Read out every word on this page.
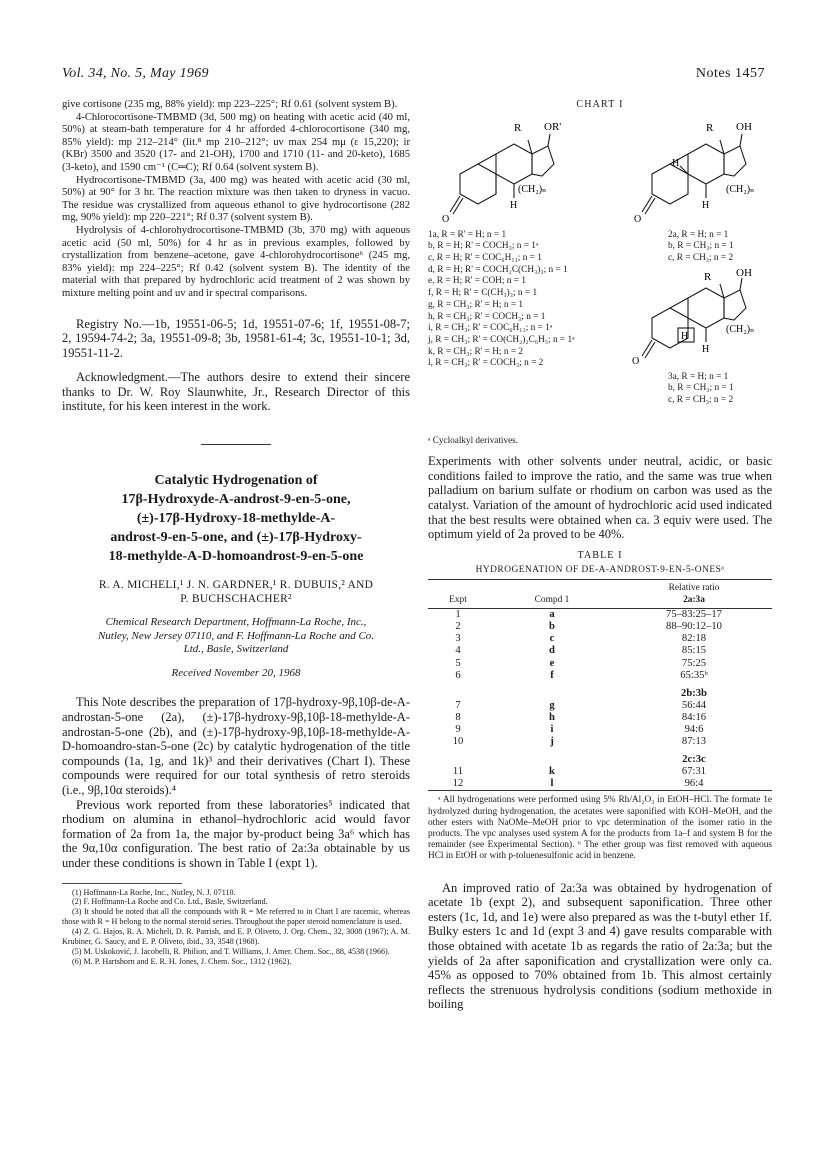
Vol. 34, No. 5, May 1969	Notes 1457

give cortisone (235 mg, 88% yield): mp 223–225°; Rf 0.61 (solvent system B).

4-Chlorocortisone-TMBMD (3d, 500 mg) on heating with acetic acid (40 ml, 50%) at steam-bath temperature for 4 hr afforded 4-chlorocortisone (340 mg, 85% yield): mp 212–214° (lit.⁸ mp 210–212°; uv max 254 mμ (ε 15,220); ir (KBr) 3500 and 3520 (17- and 21-OH), 1700 and 1710 (11- and 20-keto), 1685 (3-keto), and 1590 cm⁻¹ (C═C); Rf 0.64 (solvent system B).

Hydrocortisone-TMBMD (3a, 400 mg) was heated with acetic acid (30 ml, 50%) at 90° for 3 hr. The reaction mixture was then taken to dryness in vacuo. The residue was crystallized from aqueous ethanol to give hydrocortisone (282 mg, 90% yield): mp 220–221°; Rf 0.37 (solvent system B).

Hydrolysis of 4-chlorohydrocortisone-TMBMD (3b, 370 mg) with aqueous acetic acid (50 ml, 50%) for 4 hr as in previous examples, followed by crystallization from benzene–acetone, gave 4-chlorohydrocortisone⁶ (245 mg, 83% yield): mp 224–225°; Rf 0.42 (solvent system B). The identity of the material with that prepared by hydrochloric acid treatment of 2 was shown by mixture melting point and uv and ir spectral comparisons.

Registry No.—1b, 19551-06-5; 1d, 19551-07-6; 1f, 19551-08-7; 2, 19594-74-2; 3a, 19551-09-8; 3b, 19581-61-4; 3c, 19551-10-1; 3d, 19551-11-2.

Acknowledgment.—The authors desire to extend their sincere thanks to Dr. W. Roy Slaunwhite, Jr., Research Director of this institute, for his keen interest in the work.

Catalytic Hydrogenation of
17β-Hydroxyde-A-androst-9-en-5-one,
(±)-17β-Hydroxy-18-methylde-A-
androst-9-en-5-one, and (±)-17β-Hydroxy-
18-methylde-A-D-homoandrost-9-en-5-one
R. A. MICHELI,¹ J. N. GARDNER,¹ R. DUBUIS,² AND
P. BUCHSCHACHER²
Chemical Research Department, Hoffmann-La Roche, Inc.,
Nutley, New Jersey 07110, and F. Hoffmann-La Roche and Co.
Ltd., Basle, Switzerland
Received November 20, 1968

This Note describes the preparation of 17β-hydroxy-9β,10β-de-A-androstan-5-one (2a), (±)-17β-hydroxy-9β,10β-18-methylde-A-androstan-5-one (2b), and (±)-17β-hydroxy-9β,10β-18-methylde-A-D-homoandro-stan-5-one (2c) by catalytic hydrogenation of the title compounds (1a, 1g, and 1k)³ and their derivatives (Chart I). These compounds were required for our total synthesis of retro steroids (i.e., 9β,10α steroids).⁴

Previous work reported from these laboratories⁵ indicated that rhodium on alumina in ethanol–hydrochloric acid would favor formation of 2a from 1a, the major by-product being 3a⁶ which has the 9α,10α configuration. The best ratio of 2a:3a obtainable by us under these conditions is shown in Table I (expt 1).

(1) Hoffmann-La Roche, Inc., Nutley, N. J. 07110.

(2) F. Hoffmann-La Roche and Co. Ltd., Basle, Switzerland.

(3) It should be noted that all the compounds with R = Me referred to in Chart I are racemic, whereas those with R = H belong to the normal steroid series. Throughout the paper steroid nomenclature is used.

(4) Z. G. Hajos, R. A. Micheli, D. R. Parrish, and E. P. Oliveto, J. Org. Chem., 32, 3008 (1967); A. M. Krubiner, G. Saucy, and E. P. Oliveto, ibid., 33, 3548 (1968).

(5) M. Uskoković, J. Iacobelli, R. Philion, and T. Williams, J. Amer. Chem. Soc., 88, 4538 (1966).

(6) M. P. Hartshorn and E. R. H. Jones, J. Chem. Soc., 1312 (1962).

CHART I
R OR'
(CH₂)ₙ
H
O
R OH
(CH₂)ₙ
H
H
O
R OH
(CH₂)ₙ
H
H
O
1a, R = R' = H; n = 1
b, R = H; R' = COCH₃; n = 1ᵃ
c, R = H; R' = COC₆H₁₁; n = 1
d, R = H; R' = COCH₂C(CH₃)₃; n = 1
e, R = H; R' = COH; n = 1
f, R = H; R' = C(CH₃)₃; n = 1
g, R = CH₃; R' = H; n = 1
h, R = CH₃; R' = COCH₃; n = 1
i, R = CH₃; R' = COC₆H₁₁; n = 1ᵃ
j, R = CH₃; R' = CO(CH₂)₂C₆H₅; n = 1ᵃ
k, R = CH₃; R' = H; n = 2
l, R = CH₃; R' = COCH₃; n = 2
2a, R = H; n = 1
b, R = CH₃; n = 1
c, R = CH₃; n = 2
3a, R = H; n = 1
b, R = CH₃; n = 1
c, R = CH₃; n = 2
ᵃ Cycloalkyl derivatives.

Experiments with other solvents under neutral, acidic, or basic conditions failed to improve the ratio, and the same was true when palladium on barium sulfate or rhodium on carbon was used as the catalyst. Variation of the amount of hydrochloric acid used indicated that the best results were obtained when ca. 3 equiv were used. The optimum yield of 2a proved to be 40%.

TABLE I
HYDROGENATION OF DE-A-ANDROST-9-EN-5-ONESᵃ
		Relative ratio
Expt	Compd 1	2a:3a
1	a	75–83:25–17
2	b	88–90:12–10
3	c	82:18
4	d	85:15
5	e	75:25
6	f	65:35ᵇ
		2b:3b
7	g	56:44
8	h	84:16
9	i	94:6
10	j	87:13
		2c:3c
11	k	67:31
12	l	96:4

ᵃ All hydrogenations were performed using 5% Rh/Al₂O₃ in EtOH–HCl. The formate 1e hydrolyzed during hydrogenation, the acetates were saponified with KOH–MeOH, and the other esters with NaOMe–MeOH prior to vpc determination of the isomer ratio in the products. The vpc analyses used system A for the products from 1a–f and system B for the remainder (see Experimental Section). ᵇ The ether group was first removed with aqueous HCl in EtOH or with p-toluenesulfonic acid in benzene.

An improved ratio of 2a:3a was obtained by hydrogenation of acetate 1b (expt 2), and subsequent saponification. Three other esters (1c, 1d, and 1e) were also prepared as was the t-butyl ether 1f. Bulky esters 1c and 1d (expt 3 and 4) gave results comparable with those obtained with acetate 1b as regards the ratio of 2a:3a; but the yields of 2a after saponification and crystallization were only ca. 45% as opposed to 70% obtained from 1b. This almost certainly reflects the strenuous hydrolysis conditions (sodium methoxide in boiling
